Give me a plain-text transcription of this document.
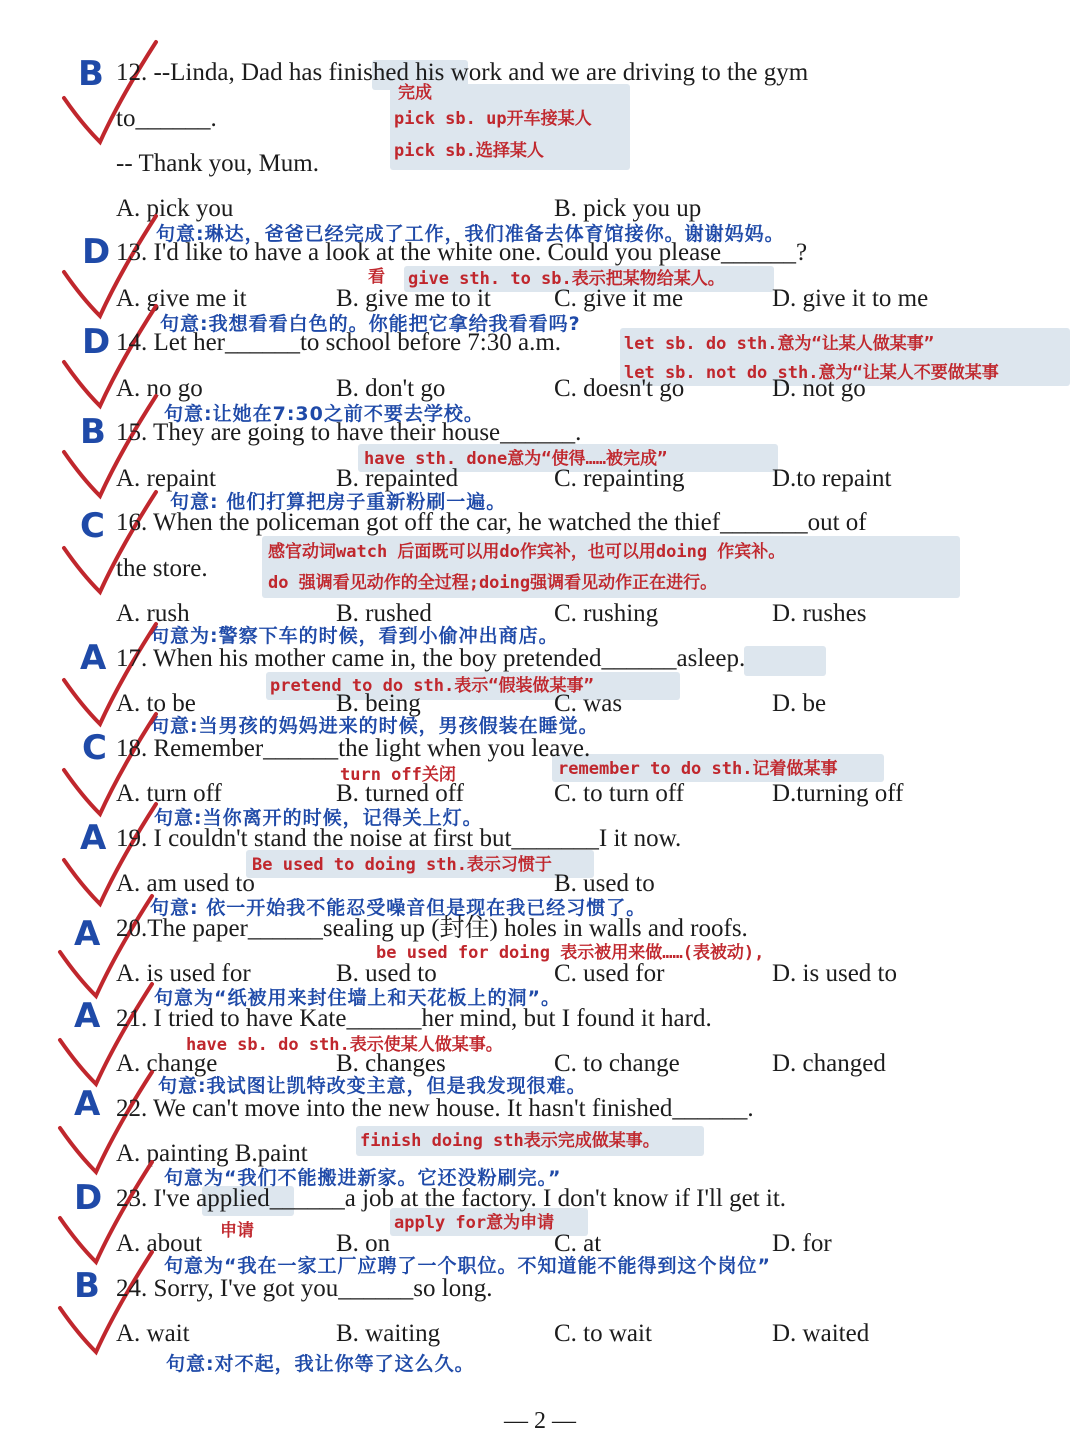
B 12. --Linda, Dad has finished his work and we are driving to the gym
to______.
-- Thank you, Mum.
A. pick you	B. pick you up
完成
pick sb. up开车接某人
pick sb.选择某人
句意:琳达，爸爸已经完成了工作，我们准备去体育馆接你。谢谢妈妈。
D 13. I'd like to have a look at the white one. Could you please______?
A. give me it	B. give me to it	C. give it me	D. give it to me
看 give sth. to sb.表示把某物给某人。
句意:我想看看白色的。你能把它拿给我看看吗?
D 14. Let her______to school before 7:30 a.m.
A. no go	B. don't go	C. doesn't go	D. not go
let sb. do sth.意为“让某人做某事”
let sb. not do sth.意为“让某人不要做某事
句意:让她在7:30之前不要去学校。
B 15. They are going to have their house______.
A. repaint	B. repainted	C. repainting	D.to repaint
have sth. done意为“使得……被完成”
句意: 他们打算把房子重新粉刷一遍。
C 16. When the policeman got off the car, he watched the thief_______out of
the store.
A. rush	B. rushed	C. rushing	D. rushes
感官动词watch 后面既可以用do作宾补，也可以用doing 作宾补。
do 强调看见动作的全过程;doing强调看见动作正在进行。
句意为:警察下车的时候，看到小偷冲出商店。
A 17. When his mother came in, the boy pretended______asleep.
A. to be	B. being	C. was	D. be
pretend to do sth.表示“假装做某事”
句意:当男孩的妈妈进来的时候，男孩假装在睡觉。
C 18. Remember______the light when you leave.
A. turn off	B. turned off	C. to turn off	D.turning off
turn off关闭	remember to do sth.记着做某事
句意:当你离开的时候，记得关上灯。
A 19. I couldn't stand the noise at first but_______I it now.
A. am used to	B. used to
Be used to doing sth.表示习惯于
句意: 依一开始我不能忍受噪音但是现在我已经习惯了。
A 20.The paper______sealing up (封住) holes in walls and roofs.
A. is used for	B. used to	C. used for	D. is used to
be used for doing 表示被用来做……(表被动),
句意为“纸被用来封住墙上和天花板上的洞”。
A 21. I tried to have Kate______her mind, but I found it hard.
A. change	B. changes	C. to change	D. changed
have sb. do sth.表示使某人做某事。
句意:我试图让凯特改变主意，但是我发现很难。
A 22. We can't move into the new house. It hasn't finished______.
A. painting B.paint	finish doing sth表示完成做某事。
句意为“我们不能搬进新家。它还没粉刷完。”
D 23. I've applied______a job at the factory. I don't know if I'll get it.
A. about	B. on	C. at	D. for
申请	apply for意为申请
句意为“我在一家工厂应聘了一个职位。不知道能不能得到这个岗位”
B 24. Sorry, I've got you______so long.
A. wait	B. waiting	C. to wait	D. waited
句意:对不起，我让你等了这么久。
— 2 —
